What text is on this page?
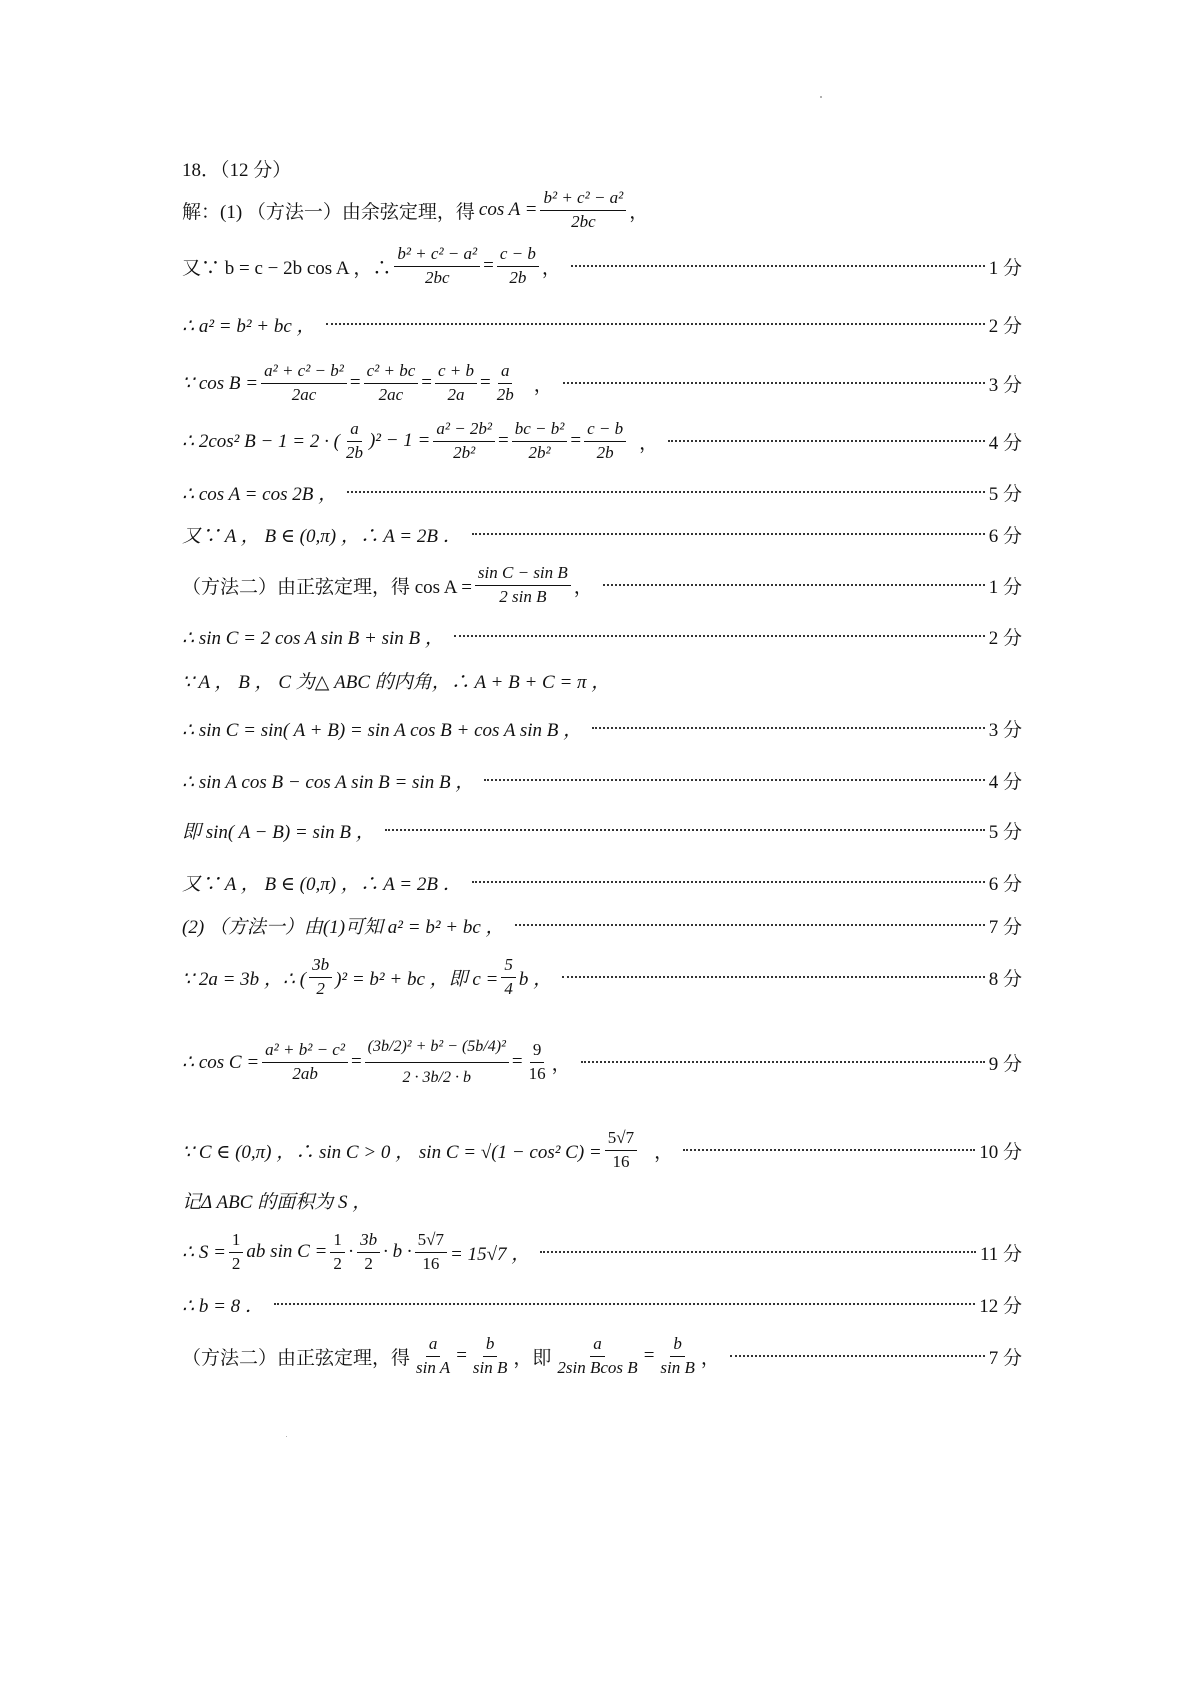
18．（12 分）
解：(1) （方法一）由余弦定理，得 $\cos A = \frac{\text{b² + c² − a²}}{2bc}$ ，
又∵ b = c − 2b cos A ，∴ $\frac{\text{b² + c² − a²}}{2bc} = \frac{c - b}{2b}$ ，	1 分
∴ a² = b² + bc ，	2 分
∵ $\cos B = \frac{\text{a² + c² − b²}}{2ac} = \frac{\text{c² + bc}}{2ac} = \frac{c + b}{2a} = \frac{a}{2b}$ ，	3 分
∴ 2cos² B − 1 = 2 · ( $\frac{a}{2b} )^2 - 1 = \frac{\text{a² − 2b²}}{\text{2b²}} = \frac{\text{bc − b²}}{\text{2b²}} = \frac{c - b}{2b}$ ，	4 分
∴ cos A = cos 2B ，	5 分
又∵ A ， B ∈ (0,π) ，∴ A = 2B ．	6 分
（方法二）由正弦定理，得 $\cos A = \frac{\text{sin C − sin B}}{\text{2 sin B}}$ ，	1 分
∴ sin C = 2 cos A sin B + sin B ，	2 分
∵ A ， B ， C 为△ ABC 的内角，∴ A + B + C = π ，
∴ sin C = sin( A + B) = sin A cos B + cos A sin B ，	3 分
∴ sin A cos B − cos A sin B = sin B ，	4 分
即 sin( A − B) = sin B ，	5 分
又∵ A ， B ∈ (0,π) ，∴ A = 2B ．	6 分
(2) （方法一）由(1)可知 a² = b² + bc ，	7 分
∵ 2a = 3b ，∴ ( $\frac{3b}{2} )^2 = b^2$ + bc ，即 $c = \frac{5}{4}$ b ，	8 分
∴ $\cos C = \frac{\text{a² + b² − c²}}{2ab} = \frac{\text{(3b/2)² + b² − (5b/4)²}}{2 \cdot 3b/2 \cdot b} = \frac{9}{16}$ ，	9 分
∵ C ∈ (0,π) ，∴ sin C > 0 ， sin C = √(1 − cos² $C) = \frac{5√7}{16}$ ，	10 分
记Δ ABC 的面积为 S ，
∴ $S = \frac{1}{2}$ ab $\sin C = \frac{1}{2} \cdot \frac{3b}{2} \cdot b \cdot \frac{5√7}{16} = 15√7$ ，	11 分
∴ b = 8 ．	12 分
（方法二）由正弦定理，得 $\frac{a}{\text{sin A}} = \frac{b}{\text{sin B}}$ ，即 $\frac{a}{\text{2sin Bcos B}} = \frac{b}{\text{sin B}}$ ，	7 分
